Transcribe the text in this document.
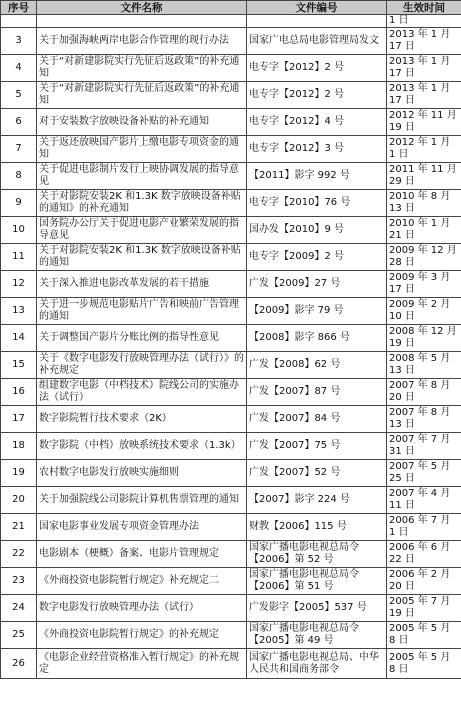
序号	文件名称	文件编号	生效时间
			1 日
3	关于加强海峡两岸电影合作管理的现行办法	国家广电总局电影管理局发文	2013 年 1 月 17 日
4	关于“对新建影院实行先征后返政策”的补充通知	电专字【2012】2 号	2013 年 1 月 17 日
5	关于“对新建影院实行先征后返政策”的补充通知	电专字【2012】2 号	2013 年 1 月 17 日
6	对于安装数字放映设备补贴的补充通知	电专字【2012】4 号	2012 年 11 月 19 日
7	关于返还放映国产影片上缴电影专项资金的通知	电专字【2012】3 号	2012 年 1 月 1 日
8	关于促进电影制片发行上映协调发展的指导意见	【2011】影字 992 号	2011 年 11 月 29 日
9	关于对影院安装2K 和1.3K 数字放映设备补贴的通知》的补充通知	电专字【2010】76 号	2010 年 8 月 13 日
10	国务院办公厅关于促进电影产业繁荣发展的指导意见	国办发【2010】9 号	2010 年 1 月 21 日
11	关于对影院安装2K 和1.3K 数字放映设备补贴的通知	电专字【2009】2 号	2009 年 12 月 28 日
12	关于深入推进电影改革发展的若干措施	广发【2009】27 号	2009 年 3 月 17 日
13	关于进一步规范电影贴片广告和映前广告管理的通知	【2009】影字 79 号	2009 年 2 月 10 日
14	关于调整国产影片分账比例的指导性意见	【2008】影字 866 号	2008 年 12 月 19 日
15	关于《数字电影发行放映管理办法（试行）》的补充规定	广发【2008】62 号	2008 年 5 月 13 日
16	组建数字电影（中档技术）院线公司的实施办法（试行）	广发【2007】87 号	2007 年 8 月 20 日
17	数字影院暂行技术要求（2K）	广发【2007】84 号	2007 年 8 月 13 日
18	数字影院（中档）放映系统技术要求（1.3k）	广发【2007】75 号	2007 年 7 月 31 日
19	农村数字电影发行放映实施细则	广发【2007】52 号	2007 年 5 月 25 日
20	关于加强院线公司影院计算机售票管理的通知	【2007】影字 224 号	2007 年 4 月 11 日
21	国家电影事业发展专项资金管理办法	财教【2006】115 号	2006 年 7 月 1 日
22	电影剧本（梗概）备案、电影片管理规定	国家广播电影电视总局令【2006】第 52 号	2006 年 6 月 22 日
23	《外商投资电影院暂行规定》补充规定二	国家广播电影电视总局令【2006】第 51 号	2006 年 2 月 20 日
24	数字电影发行放映管理办法（试行）	广发影字【2005】537 号	2005 年 7 月 19 日
25	《外商投资电影院暂行规定》的补充规定	国家广播电影电视总局令【2005】第 49 号	2005 年 5 月 8 日
26	《电影企业经营资格准入暂行规定》的补充规定	国家广播电影电视总局、中华人民共和国商务部令	2005 年 5 月 8 日
